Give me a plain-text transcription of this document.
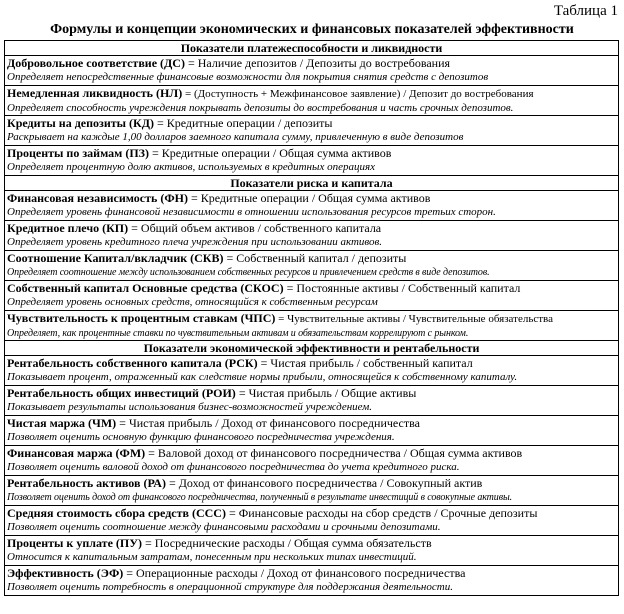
Таблица 1
Формулы и концепции экономических и финансовых показателей эффективности
Показатели платежеспособности и ликвидности

Добровольное соответствие (ДС) = Наличие депозитов / Депозиты до востребования
Определяет непосредственные финансовые возможности для покрытия снятия средств с депозитов

Немедленная ликвидность (НЛ) = (Доступность + Межфинансовое заявление) / Депозит до востребования
Определяет способность учреждения покрывать депозиты до востребования и часть срочных депозитов.

Кредиты на депозиты (КД) = Кредитные операции / депозиты
Раскрывает на каждые 1,00 долларов заемного капитала сумму, привлеченную в виде депозитов

Проценты по займам (ПЗ) = Кредитные операции / Общая сумма активов
Определяет процентную долю активов, используемых в кредитных операциях

Показатели риска и капитала

Финансовая независимость (ФН) = Кредитные операции / Общая сумма активов
Определяет уровень финансовой независимости в отношении использования ресурсов третьих сторон.

Кредитное плечо (КП) = Общий объем активов / собственного капитала
Определяет уровень кредитного плеча учреждения при использовании активов.

Соотношение Капитал/вкладчик (СКВ) = Собственный капитал / депозиты
Определяет соотношение между использованием собственных ресурсов и привлечением средств в виде депозитов.

Собственный капитал Основные средства (СКОС) = Постоянные активы / Собственный капитал
Определяет уровень основных средств, относящийся к собственным ресурсам

Чувствительность к процентным ставкам (ЧПС) = Чувствительные активы / Чувствительные обязательства
Определяет, как процентные ставки по чувствительным активам и обязательствам коррелируют с рынком.

Показатели экономической эффективности и рентабельности

Рентабельность собственного капитала (РСК) = Чистая прибыль / собственный капитал
Показывает процент, отраженный как следствие нормы прибыли, относящейся к собственному капиталу.

Рентабельность общих инвестиций (РОИ) = Чистая прибыль / Общие активы
Показывает результаты использования бизнес-возможностей учреждением.

Чистая маржа (ЧМ) = Чистая прибыль / Доход от финансового посредничества
Позволяет оценить основную функцию финансового посредничества учреждения.

Финансовая маржа (ФМ) = Валовой доход от финансового посредничества / Общая сумма активов
Позволяет оценить валовой доход от финансового посредничества до учета кредитного риска.

Рентабельность активов (РА) = Доход от финансового посредничества / Совокупный актив
Позволяет оценить доход от финансового посредничества, полученный в результате инвестиций в совокупные активы.

Средняя стоимость сбора средств (ССС) = Финансовые расходы на сбор средств / Срочные депозиты
Позволяет оценить соотношение между финансовыми расходами и срочными депозитами.

Проценты к уплате (ПУ) = Посреднические расходы / Общая сумма обязательств
Относится к капитальным затратам, понесенным при нескольких типах инвестиций.

Эффективность (ЭФ) = Операционные расходы / Доход от финансового посредничества
Позволяет оценить потребность в операционной структуре для поддержания деятельности.
